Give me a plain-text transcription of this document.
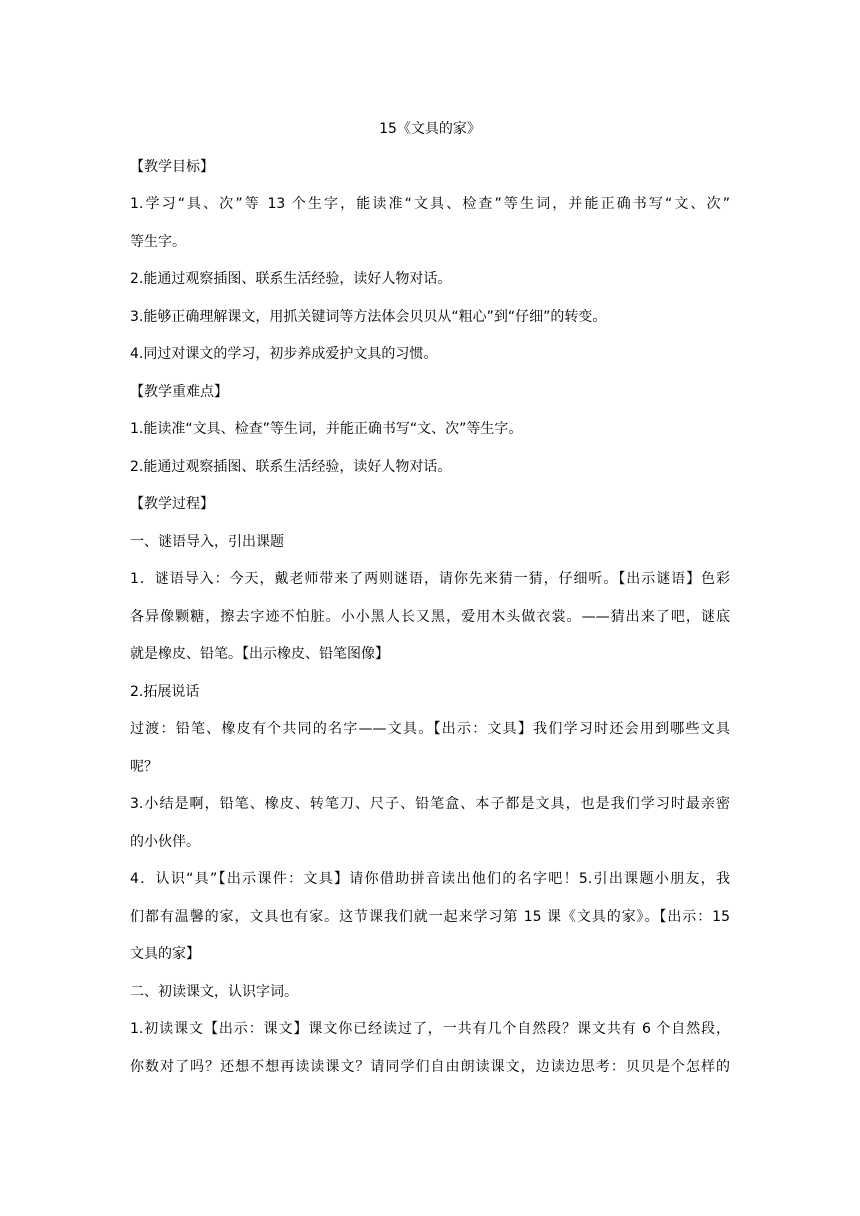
15《文具的家》
【教学目标】
1.学习“具、次”等 13 个生字，能读准“文具、检查”等生词，并能正确书写“文、次”
等生字。
2.能通过观察插图、联系生活经验，读好人物对话。
3.能够正确理解课文，用抓关键词等方法体会贝贝从“粗心”到“仔细”的转变。
4.同过对课文的学习，初步养成爱护文具的习惯。
【教学重难点】
1.能读准“文具、检查”等生词，并能正确书写“文、次”等生字。
2.能通过观察插图、联系生活经验，读好人物对话。
【教学过程】
一、谜语导入，引出课题
1．谜语导入：今天，戴老师带来了两则谜语，请你先来猜一猜，仔细听。【出示谜语】色彩
各异像颗糖，擦去字迹不怕脏。小小黑人长又黑，爱用木头做衣裳。——猜出来了吧，谜底
就是橡皮、铅笔。【出示橡皮、铅笔图像】
2.拓展说话
过渡：铅笔、橡皮有个共同的名字——文具。【出示：文具】我们学习时还会用到哪些文具
呢？
3.小结是啊，铅笔、橡皮、转笔刀、尺子、铅笔盒、本子都是文具，也是我们学习时最亲密
的小伙伴。
4．认识“具”【出示课件：文具】请你借助拼音读出他们的名字吧！5.引出课题小朋友，我
们都有温馨的家，文具也有家。这节课我们就一起来学习第 15 课《文具的家》。【出示：15
文具的家】
二、初读课文，认识字词。
1.初读课文【出示：课文】课文你已经读过了，一共有几个自然段？课文共有 6 个自然段，
你数对了吗？还想不想再读读课文？请同学们自由朗读课文，边读边思考：贝贝是个怎样的
